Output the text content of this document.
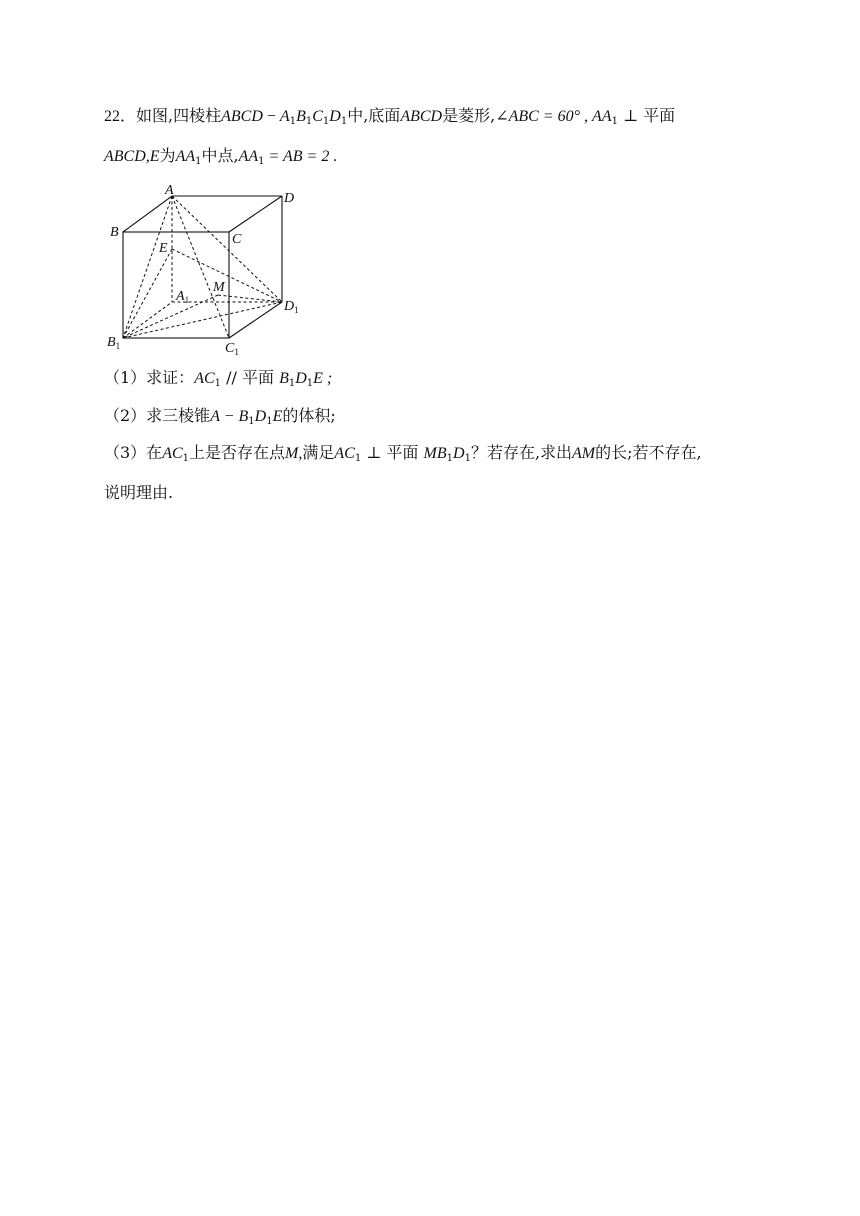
22．如图,四棱柱ABCD − $A_1B_1C_1D_1$中,底面ABCD是菱形,∠ABC = 60° , $AA_1$ ⊥ 平面
ABCD,E为$AA_1$中点$,AA_1$ = AB = 2 .
A
D
B	C
E
M
$A_1$	$D_1$
$B_1$	$C_1$
（1）求证：$AC_1$ // 平面 $B_1D_1E$ ;
（2）求三棱锥$A - B_1D_1E$的体积;
（3）在$AC_1$上是否存在点M,满足$AC_1$ ⊥ 平面 $MB_1D_1$？若存在,求出AM的长;若不存在,
说明理由.
